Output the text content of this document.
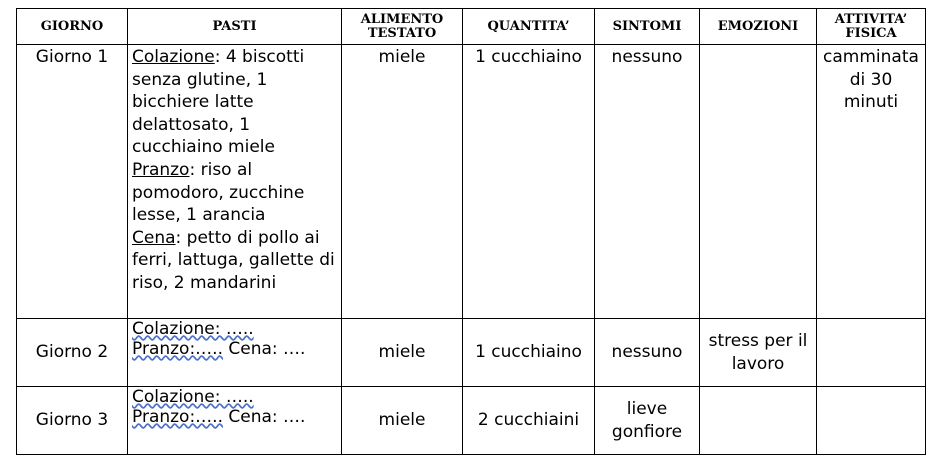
GIORNO	PASTI	ALIMENTO TESTATO	QUANTITA’	SINTOMI	EMOZIONI	ATTIVITA’ FISICA
Giorno 1	Colazione: 4 biscotti senza glutine, 1 bicchiere latte delattosato, 1 cucchiaino miele
Pranzo: riso al pomodoro, zucchine lesse, 1 arancia
Cena: petto di pollo ai ferri, lattuga, gallette di riso, 2 mandarini	miele	1 cucchiaino	nessuno		camminata di 30 minuti
Giorno 2	Colazione: …..
Pranzo:….. Cena: ….	miele	1 cucchiaino	nessuno	stress per il lavoro	
Giorno 3	Colazione: …..
Pranzo:….. Cena: ….	miele	2 cucchiaini	lieve gonfiore		
